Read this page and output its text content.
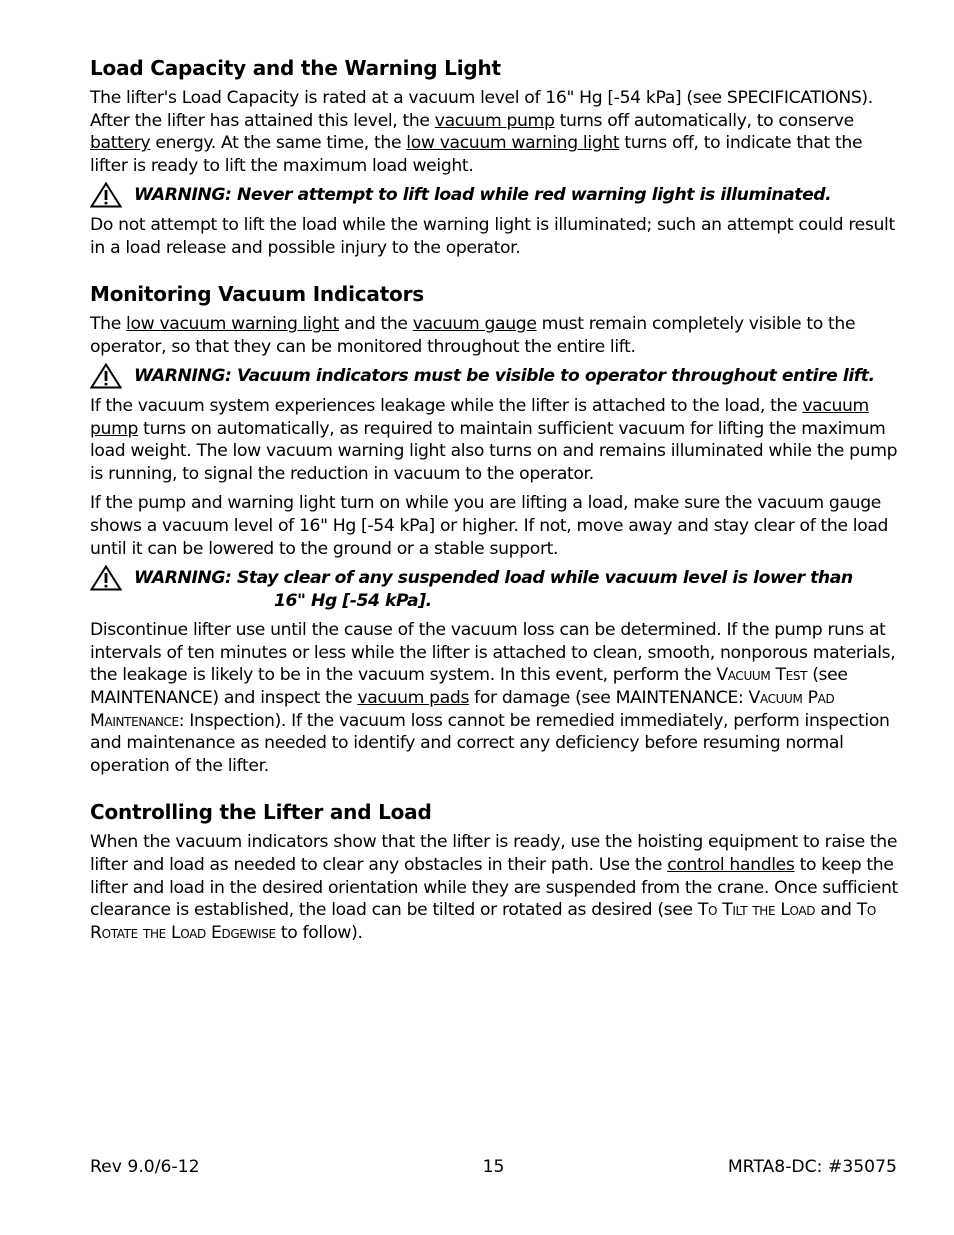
Load Capacity and the Warning Light

The lifter's Load Capacity is rated at a vacuum level of 16" Hg [-54 kPa] (see SPECIFICATIONS). After the lifter has attained this level, the vacuum pump turns off automatically, to conserve battery energy. At the same time, the low vacuum warning light turns off, to indicate that the lifter is ready to lift the maximum load weight.

WARNING: Never attempt to lift load while red warning light is illuminated.

Do not attempt to lift the load while the warning light is illuminated; such an attempt could result in a load release and possible injury to the operator.

Monitoring Vacuum Indicators

The low vacuum warning light and the vacuum gauge must remain completely visible to the operator, so that they can be monitored throughout the entire lift.

WARNING: Vacuum indicators must be visible to operator throughout entire lift.

If the vacuum system experiences leakage while the lifter is attached to the load, the vacuum pump turns on automatically, as required to maintain sufficient vacuum for lifting the maximum load weight. The low vacuum warning light also turns on and remains illuminated while the pump is running, to signal the reduction in vacuum to the operator.

If the pump and warning light turn on while you are lifting a load, make sure the vacuum gauge shows a vacuum level of 16" Hg [-54 kPa] or higher. If not, move away and stay clear of the load until it can be lowered to the ground or a stable support.

WARNING: Stay clear of any suspended load while vacuum level is lower than
16" Hg [-54 kPa].

Discontinue lifter use until the cause of the vacuum loss can be determined. If the pump runs at intervals of ten minutes or less while the lifter is attached to clean, smooth, nonporous materials, the leakage is likely to be in the vacuum system. In this event, perform the Vacuum Test (see MAINTENANCE) and inspect the vacuum pads for damage (see MAINTENANCE: Vacuum Pad Maintenance: Inspection). If the vacuum loss cannot be remedied immediately, perform inspection and maintenance as needed to identify and correct any deficiency before resuming normal operation of the lifter.

Controlling the Lifter and Load

When the vacuum indicators show that the lifter is ready, use the hoisting equipment to raise the lifter and load as needed to clear any obstacles in their path. Use the control handles to keep the lifter and load in the desired orientation while they are suspended from the crane. Once sufficient clearance is established, the load can be tilted or rotated as desired (see To Tilt the Load and To Rotate the Load Edgewise to follow).

Rev 9.0/6-12	15	MRTA8-DC: #35075
